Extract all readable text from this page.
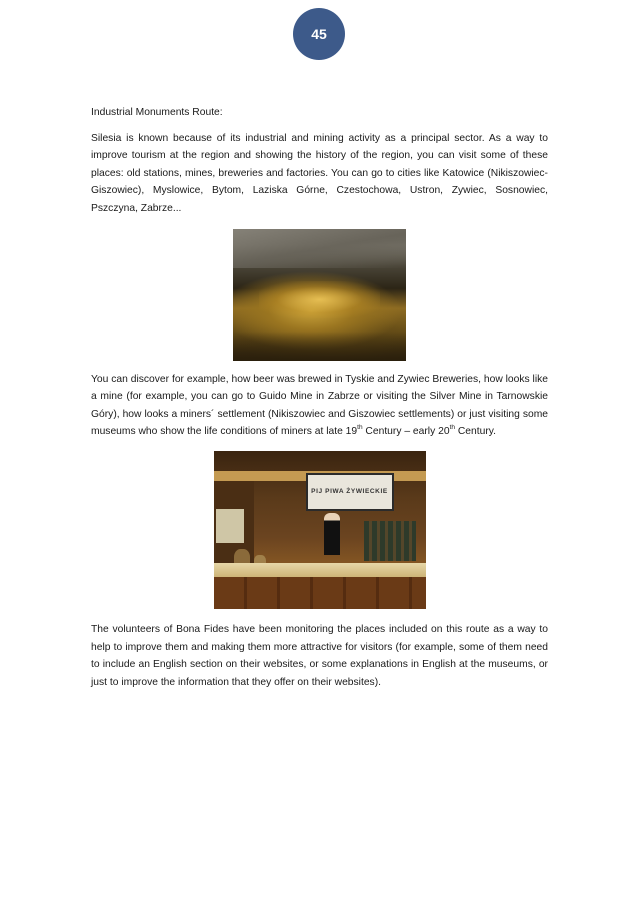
45

Industrial Monuments Route:

Silesia is known because of its industrial and mining activity as a principal sector. As a way to improve tourism at the region and showing the history of the region, you can visit some of these places: old stations, mines, breweries and factories. You can go to cities like Katowice (Nikiszowiec-Giszowiec), Myslowice, Bytom, Laziska Górne, Czestochowa, Ustron, Zywiec, Sosnowiec, Pszczyna, Zabrze...

You can discover for example, how beer was brewed in Tyskie and Zywiec Breweries, how looks like a mine (for example, you can go to Guido Mine in Zabrze or visiting the Silver Mine in Tarnowskie Góry), how looks a miners´ settlement (Nikiszowiec and Giszowiec settlements) or just visiting some museums who show the life conditions of miners at late 19th Century – early 20th Century.

PIJ PIWA ŻYWIECKIE

The volunteers of Bona Fides have been monitoring the places included on this route as a way to help to improve them and making them more attractive for visitors (for example, some of them need to include an English section on their websites, or some explanations in English at the museums, or just to improve the information that they offer on their websites).
